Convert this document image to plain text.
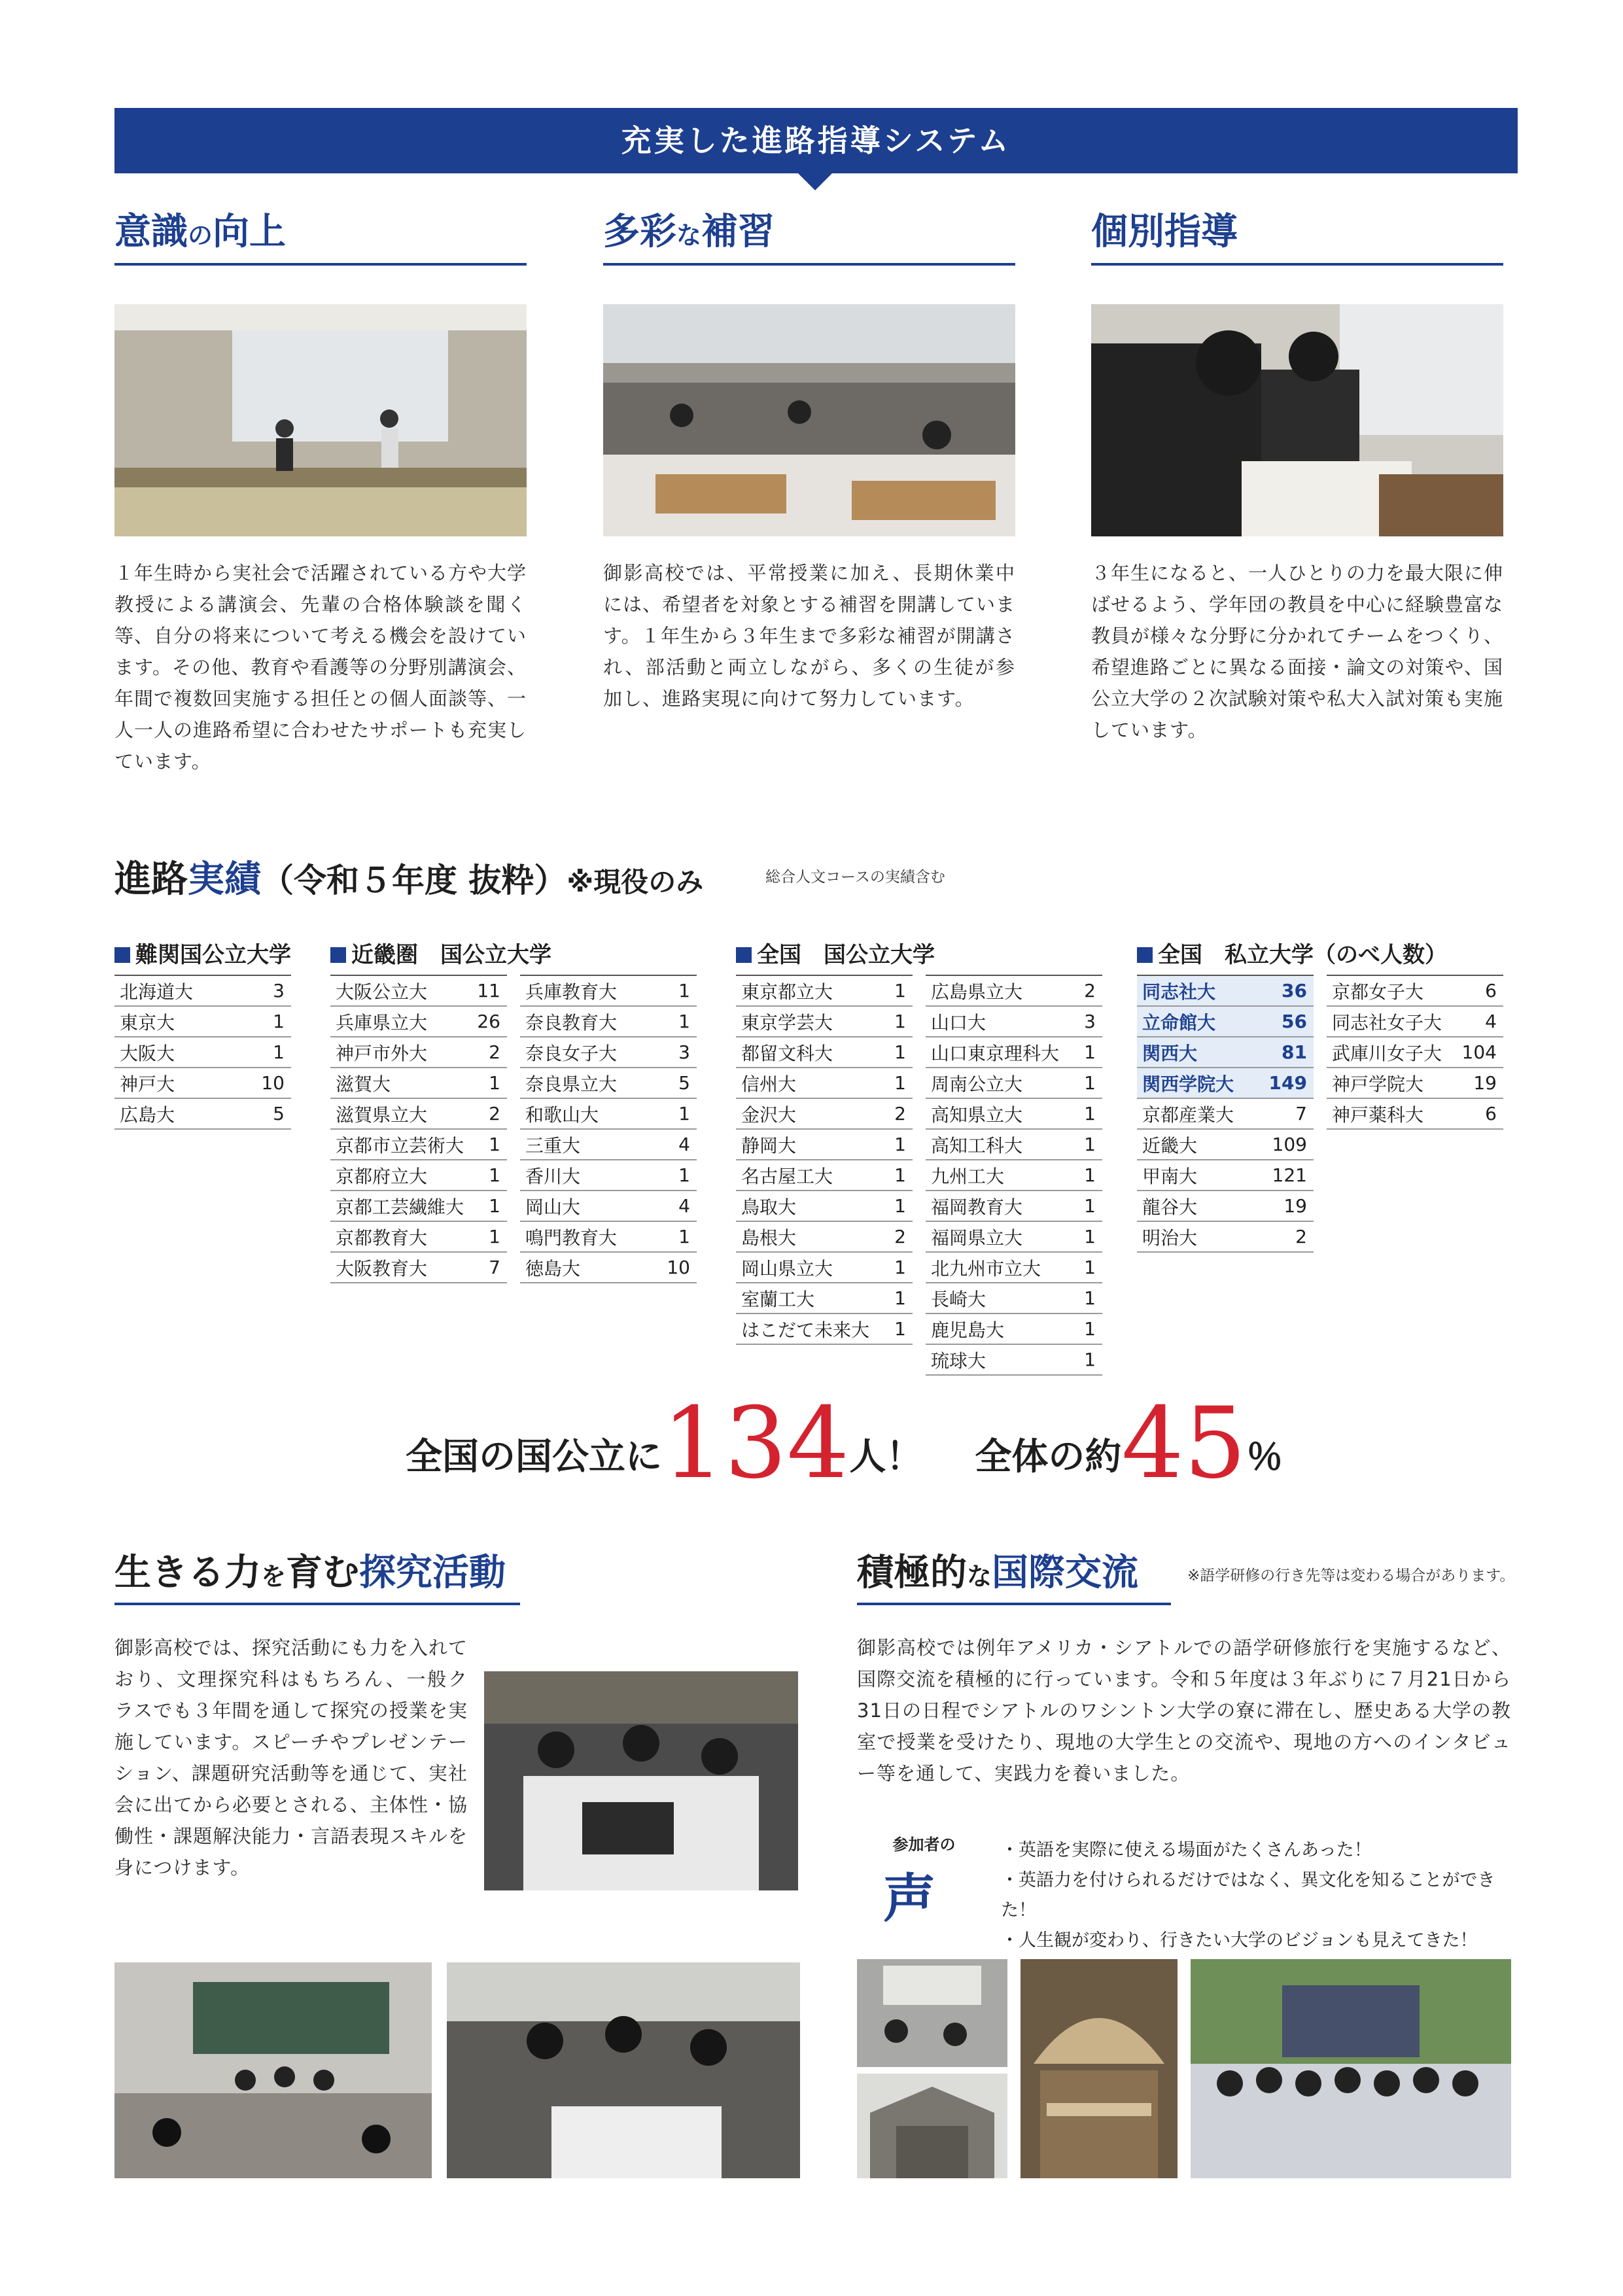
充実した進路指導システム
意識の向上
１年生時から実社会で活躍されている方や大学教授による講演会、先輩の合格体験談を聞く等、自分の将来について考える機会を設けています。その他、教育や看護等の分野別講演会、年間で複数回実施する担任との個人面談等、一人一人の進路希望に合わせたサポートも充実しています。
多彩な補習
御影高校では、平常授業に加え、長期休業中には、希望者を対象とする補習を開講しています。１年生から３年生まで多彩な補習が開講され、部活動と両立しながら、多くの生徒が参加し、進路実現に向けて努力しています。
個別指導
３年生になると、一人ひとりの力を最大限に伸ばせるよう、学年団の教員を中心に経験豊富な教員が様々な分野に分かれてチームをつくり、希望進路ごとに異なる面接・論文の対策や、国公立大学の２次試験対策や私大入試対策も実施しています。
進路実績（令和５年度 抜粋）※現役のみ	総合人文コースの実績含む
難関国公立大学
北海道大	3
東京大	1
大阪大	1
神戸大	10
広島大	5
近畿圏　国公立大学
大阪公立大	11
兵庫県立大	26
神戸市外大	2
滋賀大	1
滋賀県立大	2
京都市立芸術大	1
京都府立大	1
京都工芸繊維大	1
京都教育大	1
大阪教育大	7
兵庫教育大	1
奈良教育大	1
奈良女子大	3
奈良県立大	5
和歌山大	1
三重大	4
香川大	1
岡山大	4
鳴門教育大	1
徳島大	10
全国　国公立大学
東京都立大	1
東京学芸大	1
都留文科大	1
信州大	1
金沢大	2
静岡大	1
名古屋工大	1
鳥取大	1
島根大	2
岡山県立大	1
室蘭工大	1
はこだて未来大	1
広島県立大	2
山口大	3
山口東京理科大	1
周南公立大	1
高知県立大	1
高知工科大	1
九州工大	1
福岡教育大	1
福岡県立大	1
北九州市立大	1
長崎大	1
鹿児島大	1
琉球大	1
全国　私立大学（のべ人数）
同志社大	36
立命館大	56
関西大	81
関西学院大	149
京都産業大	7
近畿大	109
甲南大	121
龍谷大	19
明治大	2
京都女子大	6
同志社女子大	4
武庫川女子大	104
神戸学院大	19
神戸薬科大	6
全国の国公立に134人！ 全体の約45％
生きる力を育む探究活動
御影高校では、探究活動にも力を入れており、文理探究科はもちろん、一般クラスでも３年間を通して探究の授業を実施しています。スピーチやプレゼンテーション、課題研究活動等を通じて、実社会に出てから必要とされる、主体性・協働性・課題解決能力・言語表現スキルを身につけます。
積極的な国際交流	※語学研修の行き先等は変わる場合があります。
御影高校では例年アメリカ・シアトルでの語学研修旅行を実施するなど、国際交流を積極的に行っています。令和５年度は３年ぶりに７月21日から31日の日程でシアトルのワシントン大学の寮に滞在し、歴史ある大学の教室で授業を受けたり、現地の大学生との交流や、現地の方へのインタビュー等を通して、実践力を養いました。
参加者の
声
・ 英語を実際に使える場面がたくさんあった！
・ 英語力を付けられるだけではなく、異文化を知ることができた！
・ 人生観が変わり、行きたい大学のビジョンも見えてきた！
